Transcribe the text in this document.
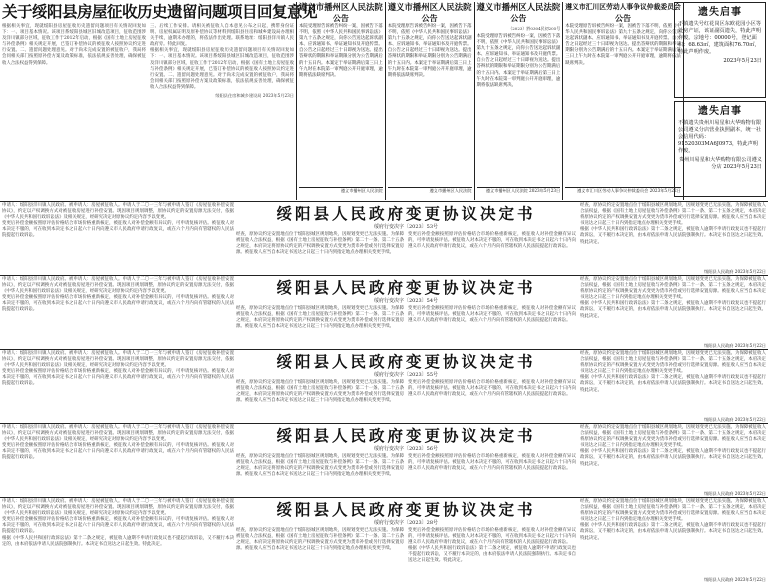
关于绥阳县房屋征收历史遗留问题项目回复意见

根据相关事宜，现就绥阳县房屋征收历史遗留问题项目有关情况回复如下：一、项目基本情况。该项目系绥阳县城区旧城改造项目，征收范围涉及洋川镇部分区域，征收工作于2012年启动，根据《国有土地上房屋征收与补偿条例》相关规定开展，已签订补偿协议的被征收人按照协议约定进行安置。二、遗留问题处理意见。对于尚未完成安置的被征收户，我局将会同相关部门按照原补偿方案及政策标准，依法依规妥善处理，确保被征收人合法权益得到保障。

三、后续工作安排。请相关被征收人自本意见公布之日起，携带身份证明、房屋权属证明及原补偿协议等材料到绥阳县住房和城乡建设局办理相关手续，逾期未办理的，将依法作出处理。联系地址：绥阳县洋川镇人民政府旁。特此回复。

根据相关事宜，现就绥阳县房屋征收历史遗留问题项目有关情况回复如下：一、项目基本情况。该项目系绥阳县城区旧城改造项目，征收范围涉及洋川镇部分区域，征收工作于2012年启动，根据《国有土地上房屋征收与补偿条例》相关规定开展，已签订补偿协议的被征收人按照协议约定进行安置。二、遗留问题处理意见。对于尚未完成安置的被征收户，我局将会同相关部门按照原补偿方案及政策标准，依法依规妥善处理，确保被征收人合法权益得到保障。

绥阳县住房和城乡建设局 2023年5月23日
遵义市播州区人民法院
公告

本院受理原告诉被告纠纷一案，因被告下落不明，依照《中华人民共和国民事诉讼法》第九十五条之规定，向你公告送达起诉状副本、应诉通知书、举证通知书及开庭传票。自公告之日起经过三十日即视为送达。提出答辩状的期限和举证期限分别为公告期满后的十五日内。本案定于举证期满后第三日上午九时在本院第一审判庭公开开庭审理，逾期将依法缺席判决。

遵义市播州区人民法院
遵义市播州区人民法院
公告

本院受理原告诉被告纠纷一案，因被告下落不明，依照《中华人民共和国民事诉讼法》第九十五条之规定，向你公告送达起诉状副本、应诉通知书、举证通知书及开庭传票。自公告之日起经过三十日即视为送达。提出答辩状的期限和举证期限分别为公告期满后的十五日内。本案定于举证期满后第三日上午九时在本院第一审判庭公开开庭审理，逾期将依法缺席判决。

遵义市播州区人民法院
遵义市播州区人民法院
公告
（2023）黔0304民初205号

本院受理原告诉被告纠纷一案，因被告下落不明，依照《中华人民共和国民事诉讼法》第九十五条之规定，向你公告送达起诉状副本、应诉通知书、举证通知书及开庭传票。自公告之日起经过三十日即视为送达。提出答辩状的期限和举证期限分别为公告期满后的十五日内。本案定于举证期满后第三日上午九时在本院第一审判庭公开开庭审理，逾期将依法缺席判决。

遵义市播州区人民法院 2023年5月23日
遵义市汇川区劳动人事争议仲裁委员会
公告

本院受理原告诉被告纠纷一案，因被告下落不明，依照《中华人民共和国民事诉讼法》第九十五条之规定，向你公告送达起诉状副本、应诉通知书、举证通知书及开庭传票。自公告之日起经过三十日即视为送达。提出答辩状的期限和举证期限分别为公告期满后的十五日内。本案定于举证期满后第三日上午九时在本院第一审判庭公开开庭审理，逾期将依法缺席判决。

遵义市汇川区劳动人事争议仲裁委员会 2023年5月22日
遗失启事

不慎遗失号红花岗区东欧花园小区等处房产证，该证副页遗失，特此声明作废。宗地号：00000号，登记面积：68.63㎡，建筑面积76.70㎡，特此声明作废。

2023年5月23日

遗失启事

不慎遗失贵州川易星和大华购物有限公司遵义分店营业执照副本，统一社会信用代码：91520303MA6J0973，特此声明作废。

贵州川易星和大华购物有限公司遵义分店 2023年5月23日

申请人：绥阳县洋川镇人民政府。被申请人：房屋被征收人。申请人于二〇一三年与被申请人签订《房屋征收补偿安置协议》，约定以产权调换方式对被征收房屋进行补偿安置。现因项目规划调整，原协议约定的安置房源无法交付，依据《中华人民共和国行政诉讼法》及相关规定，经研究决定对原协议约定内容予以变更。

变更后补偿金额按照原评估价格结合市场价格重新核定，被征收人对补偿金额有异议的，可申请复核评估。被征收人对本决定不服的，可在收到本决定书之日起六十日内向遵义市人民政府申请行政复议，或在六个月内向有管辖权的人民法院提起行政诉讼。

绥阳县人民政府变更协议决定书
绥府行变决字〔2023〕53号

经查，原协议约定安置地点位于绥阳县城区规划地块，因规划变更已无法实施。为保障被征收人合法权益，根据《国有土地上房屋征收与补偿条例》第二十一条、第二十五条之规定，本府决定将原协议约定的产权调换安置方式变更为货币补偿或另行选择安置房源。被征收人应当自本决定书送达之日起三十日内到指定地点办理相关变更手续。

变更后补偿金额按照原评估价格结合市场价格重新核定，被征收人对补偿金额有异议的，可申请复核评估。被征收人对本决定不服的，可在收到本决定书之日起六十日内向遵义市人民政府申请行政复议，或在六个月内向有管辖权的人民法院提起行政诉讼。

经查，原协议约定安置地点位于绥阳县城区规划地块，因规划变更已无法实施。为保障被征收人合法权益，根据《国有土地上房屋征收与补偿条例》第二十一条、第二十五条之规定，本府决定将原协议约定的产权调换安置方式变更为货币补偿或另行选择安置房源。被征收人应当自本决定书送达之日起三十日内到指定地点办理相关变更手续。

根据《中华人民共和国行政诉讼法》第十二条之规定，被征收人逾期不申请行政复议也不提起行政诉讼，又不履行本决定的，由本府依法申请人民法院强制执行。本决定书自送达之日起生效。特此决定。

绥阳县人民政府 2023年5月22日

申请人：绥阳县洋川镇人民政府。被申请人：房屋被征收人。申请人于二〇一三年与被申请人签订《房屋征收补偿安置协议》，约定以产权调换方式对被征收房屋进行补偿安置。现因项目规划调整，原协议约定的安置房源无法交付，依据《中华人民共和国行政诉讼法》及相关规定，经研究决定对原协议约定内容予以变更。

变更后补偿金额按照原评估价格结合市场价格重新核定，被征收人对补偿金额有异议的，可申请复核评估。被征收人对本决定不服的，可在收到本决定书之日起六十日内向遵义市人民政府申请行政复议，或在六个月内向有管辖权的人民法院提起行政诉讼。

绥阳县人民政府变更协议决定书
绥府行变决字〔2023〕54号

经查，原协议约定安置地点位于绥阳县城区规划地块，因规划变更已无法实施。为保障被征收人合法权益，根据《国有土地上房屋征收与补偿条例》第二十一条、第二十五条之规定，本府决定将原协议约定的产权调换安置方式变更为货币补偿或另行选择安置房源。被征收人应当自本决定书送达之日起三十日内到指定地点办理相关变更手续。

变更后补偿金额按照原评估价格结合市场价格重新核定，被征收人对补偿金额有异议的，可申请复核评估。被征收人对本决定不服的，可在收到本决定书之日起六十日内向遵义市人民政府申请行政复议，或在六个月内向有管辖权的人民法院提起行政诉讼。

经查，原协议约定安置地点位于绥阳县城区规划地块，因规划变更已无法实施。为保障被征收人合法权益，根据《国有土地上房屋征收与补偿条例》第二十一条、第二十五条之规定，本府决定将原协议约定的产权调换安置方式变更为货币补偿或另行选择安置房源。被征收人应当自本决定书送达之日起三十日内到指定地点办理相关变更手续。

根据《中华人民共和国行政诉讼法》第十二条之规定，被征收人逾期不申请行政复议也不提起行政诉讼，又不履行本决定的，由本府依法申请人民法院强制执行。本决定书自送达之日起生效。特此决定。

绥阳县人民政府 2023年5月22日

申请人：绥阳县洋川镇人民政府。被申请人：房屋被征收人。申请人于二〇一三年与被申请人签订《房屋征收补偿安置协议》，约定以产权调换方式对被征收房屋进行补偿安置。现因项目规划调整，原协议约定的安置房源无法交付，依据《中华人民共和国行政诉讼法》及相关规定，经研究决定对原协议约定内容予以变更。

变更后补偿金额按照原评估价格结合市场价格重新核定，被征收人对补偿金额有异议的，可申请复核评估。被征收人对本决定不服的，可在收到本决定书之日起六十日内向遵义市人民政府申请行政复议，或在六个月内向有管辖权的人民法院提起行政诉讼。

绥阳县人民政府变更协议决定书
绥府行变决字〔2023〕55号

经查，原协议约定安置地点位于绥阳县城区规划地块，因规划变更已无法实施。为保障被征收人合法权益，根据《国有土地上房屋征收与补偿条例》第二十一条、第二十五条之规定，本府决定将原协议约定的产权调换安置方式变更为货币补偿或另行选择安置房源。被征收人应当自本决定书送达之日起三十日内到指定地点办理相关变更手续。

变更后补偿金额按照原评估价格结合市场价格重新核定，被征收人对补偿金额有异议的，可申请复核评估。被征收人对本决定不服的，可在收到本决定书之日起六十日内向遵义市人民政府申请行政复议，或在六个月内向有管辖权的人民法院提起行政诉讼。

经查，原协议约定安置地点位于绥阳县城区规划地块，因规划变更已无法实施。为保障被征收人合法权益，根据《国有土地上房屋征收与补偿条例》第二十一条、第二十五条之规定，本府决定将原协议约定的产权调换安置方式变更为货币补偿或另行选择安置房源。被征收人应当自本决定书送达之日起三十日内到指定地点办理相关变更手续。

根据《中华人民共和国行政诉讼法》第十二条之规定，被征收人逾期不申请行政复议也不提起行政诉讼，又不履行本决定的，由本府依法申请人民法院强制执行。本决定书自送达之日起生效。特此决定。

绥阳县人民政府 2023年5月22日

申请人：绥阳县洋川镇人民政府。被申请人：房屋被征收人。申请人于二〇一三年与被申请人签订《房屋征收补偿安置协议》，约定以产权调换方式对被征收房屋进行补偿安置。现因项目规划调整，原协议约定的安置房源无法交付，依据《中华人民共和国行政诉讼法》及相关规定，经研究决定对原协议约定内容予以变更。

变更后补偿金额按照原评估价格结合市场价格重新核定，被征收人对补偿金额有异议的，可申请复核评估。被征收人对本决定不服的，可在收到本决定书之日起六十日内向遵义市人民政府申请行政复议，或在六个月内向有管辖权的人民法院提起行政诉讼。

绥阳县人民政府变更协议决定书
绥府行变决字〔2023〕56号

经查，原协议约定安置地点位于绥阳县城区规划地块，因规划变更已无法实施。为保障被征收人合法权益，根据《国有土地上房屋征收与补偿条例》第二十一条、第二十五条之规定，本府决定将原协议约定的产权调换安置方式变更为货币补偿或另行选择安置房源。被征收人应当自本决定书送达之日起三十日内到指定地点办理相关变更手续。

变更后补偿金额按照原评估价格结合市场价格重新核定，被征收人对补偿金额有异议的，可申请复核评估。被征收人对本决定不服的，可在收到本决定书之日起六十日内向遵义市人民政府申请行政复议，或在六个月内向有管辖权的人民法院提起行政诉讼。

经查，原协议约定安置地点位于绥阳县城区规划地块，因规划变更已无法实施。为保障被征收人合法权益，根据《国有土地上房屋征收与补偿条例》第二十一条、第二十五条之规定，本府决定将原协议约定的产权调换安置方式变更为货币补偿或另行选择安置房源。被征收人应当自本决定书送达之日起三十日内到指定地点办理相关变更手续。

根据《中华人民共和国行政诉讼法》第十二条之规定，被征收人逾期不申请行政复议也不提起行政诉讼，又不履行本决定的，由本府依法申请人民法院强制执行。本决定书自送达之日起生效。特此决定。

绥阳县人民政府 2023年5月22日

申请人：绥阳县洋川镇人民政府。被申请人：房屋被征收人。申请人于二〇一三年与被申请人签订《房屋征收补偿安置协议》，约定以产权调换方式对被征收房屋进行补偿安置。现因项目规划调整，原协议约定的安置房源无法交付，依据《中华人民共和国行政诉讼法》及相关规定，经研究决定对原协议约定内容予以变更。

变更后补偿金额按照原评估价格结合市场价格重新核定，被征收人对补偿金额有异议的，可申请复核评估。被征收人对本决定不服的，可在收到本决定书之日起六十日内向遵义市人民政府申请行政复议，或在六个月内向有管辖权的人民法院提起行政诉讼。

根据《中华人民共和国行政诉讼法》第十二条之规定，被征收人逾期不申请行政复议也不提起行政诉讼，又不履行本决定的，由本府依法申请人民法院强制执行。本决定书自送达之日起生效。特此决定。

绥阳县人民政府变更协议决定书
绥府行变决字〔2023〕28号

经查，原协议约定安置地点位于绥阳县城区规划地块，因规划变更已无法实施。为保障被征收人合法权益，根据《国有土地上房屋征收与补偿条例》第二十一条、第二十五条之规定，本府决定将原协议约定的产权调换安置方式变更为货币补偿或另行选择安置房源。被征收人应当自本决定书送达之日起三十日内到指定地点办理相关变更手续。

变更后补偿金额按照原评估价格结合市场价格重新核定，被征收人对补偿金额有异议的，可申请复核评估。被征收人对本决定不服的，可在收到本决定书之日起六十日内向遵义市人民政府申请行政复议，或在六个月内向有管辖权的人民法院提起行政诉讼。

根据《中华人民共和国行政诉讼法》第十二条之规定，被征收人逾期不申请行政复议也不提起行政诉讼，又不履行本决定的，由本府依法申请人民法院强制执行。本决定书自送达之日起生效。特此决定。

经查，原协议约定安置地点位于绥阳县城区规划地块，因规划变更已无法实施。为保障被征收人合法权益，根据《国有土地上房屋征收与补偿条例》第二十一条、第二十五条之规定，本府决定将原协议约定的产权调换安置方式变更为货币补偿或另行选择安置房源。被征收人应当自本决定书送达之日起三十日内到指定地点办理相关变更手续。

根据《中华人民共和国行政诉讼法》第十二条之规定，被征收人逾期不申请行政复议也不提起行政诉讼，又不履行本决定的，由本府依法申请人民法院强制执行。本决定书自送达之日起生效。特此决定。

绥阳县人民政府 2023年5月22日
